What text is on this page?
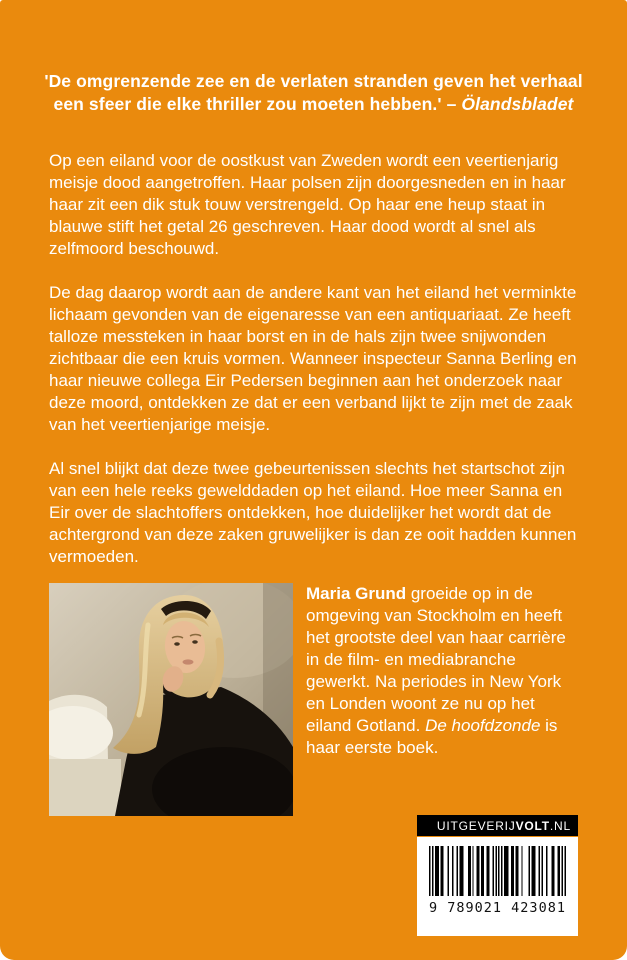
'De omgrenzende zee en de verlaten stranden geven het verhaal een sfeer die elke thriller zou moeten hebben.' – Ölandsbladet

Op een eiland voor de oostkust van Zweden wordt een veertienjarig meisje dood aangetroffen. Haar polsen zijn doorgesneden en in haar haar zit een dik stuk touw verstrengeld. Op haar ene heup staat in blauwe stift het getal 26 geschreven. Haar dood wordt al snel als zelfmoord beschouwd.

De dag daarop wordt aan de andere kant van het eiland het verminkte lichaam gevonden van de eigenaresse van een antiquariaat. Ze heeft talloze messteken in haar borst en in de hals zijn twee snijwonden zichtbaar die een kruis vormen. Wanneer inspecteur Sanna Berling en haar nieuwe collega Eir Pedersen beginnen aan het onderzoek naar deze moord, ontdekken ze dat er een verband lijkt te zijn met de zaak van het veertienjarige meisje.

Al snel blijkt dat deze twee gebeurtenissen slechts het startschot zijn van een hele reeks gewelddaden op het eiland. Hoe meer Sanna en Eir over de slachtoffers ontdekken, hoe duidelijker het wordt dat de achtergrond van deze zaken gruwelijker is dan ze ooit hadden kunnen vermoeden.

Maria Grund groeide op in de omgeving van Stockholm en heeft het grootste deel van haar carrière in de film- en mediabranche gewerkt. Na periodes in New York en Londen woont ze nu op het eiland Gotland. De hoofdzonde is haar eerste boek.

UITGEVERIJ VOLT .NL
9 789021 423081
